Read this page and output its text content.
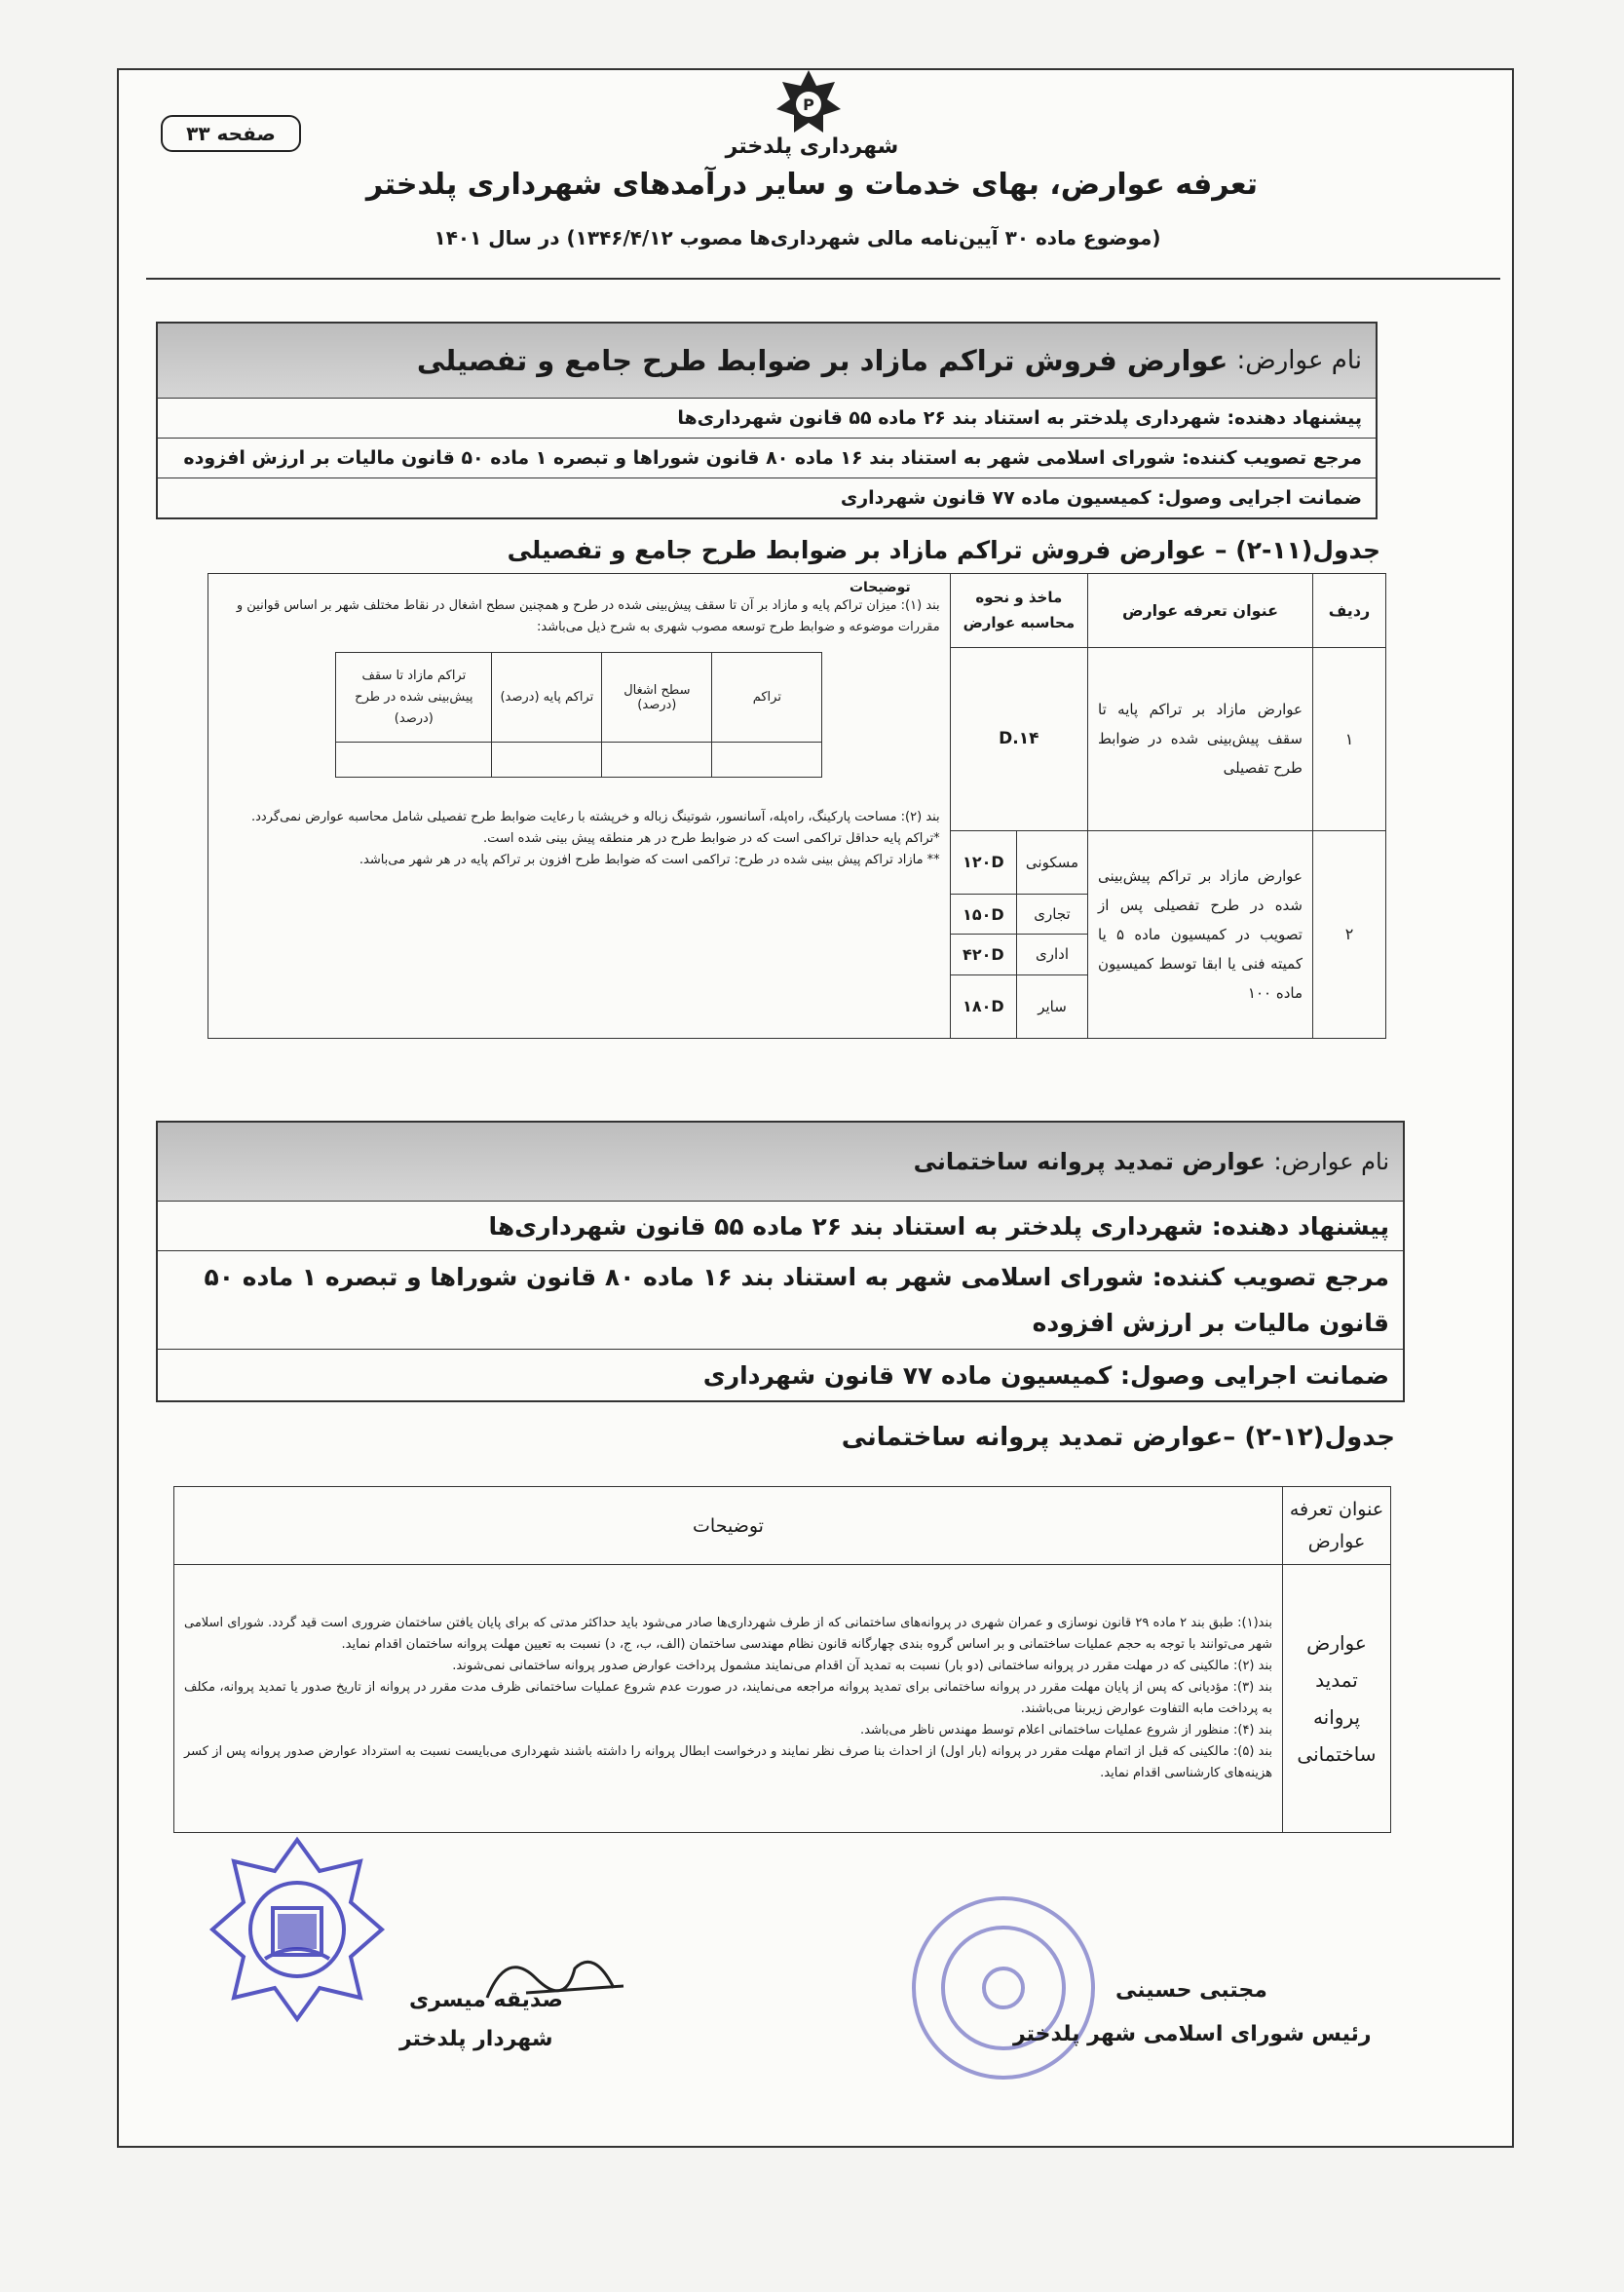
صفحه ۳۳
P
شهرداری پلدختر
تعرفه عوارض، بهای خدمات و سایر درآمدهای شهرداری پلدختر
(موضوع ماده ۳۰ آیین‌نامه مالی شهرداری‌ها مصوب ۱۳۴۶/۴/۱۲) در سال ۱۴۰۱
نام عوارض:

عوارض فروش تراکم مازاد بر ضوابط طرح جامع و تفصیلی
پیشنهاد دهنده: شهرداری پلدختر به استناد بند ۲۶ ماده ۵۵ قانون شهرداری‌ها
مرجع تصویب کننده: شورای اسلامی شهر به استناد بند ۱۶ ماده ۸۰ قانون شوراها و تبصره ۱ ماده ۵۰ قانون مالیات بر ارزش افزوده
ضمانت اجرایی وصول: کمیسیون ماده ۷۷ قانون شهرداری
جدول(۱۱-۲) – عوارض فروش تراکم مازاد بر ضوابط طرح جامع و تفصیلی
ردیف	عنوان تعرفه عوارض	ماخذ و نحوه محاسبه عوارض	
توضیحات
بند (۱): میزان تراکم پایه و مازاد بر آن تا سقف پیش‌بینی شده در طرح و همچنین سطح اشغال در نقاط مختلف شهر بر اساس قوانین و مقررات موضوعه و ضوابط طرح توسعه مصوب شهری به شرح ذیل می‌باشد:
تراکم	سطح اشغال (درصد)	تراکم پایه (درصد)	تراکم مازاد تا سقف پیش‌بینی شده در طرح (درصد)

بند (۲): مساحت پارکینگ، راه‌پله، آسانسور، شوتینگ زباله و خرپشته با رعایت ضوابط طرح تفصیلی شامل محاسبه عوارض نمی‌گردد.
*تراکم پایه حداقل تراکمی است که در ضوابط طرح در هر منطقه پیش بینی شده است.
** مازاد تراکم پیش بینی شده در طرح: تراکمی است که ضوابط طرح افزون بر تراکم پایه در هر شهر می‌باشد.

۱	عوارض مازاد بر تراکم پایه تا سقف پیش‌بینی شده در ضوابط طرح تفصیلی	۱۴.D
۲	عوارض مازاد بر تراکم پیش‌بینی شده در طرح تفصیلی پس از تصویب در کمیسیون ماده ۵ یا کمیته فنی یا ابقا توسط کمیسیون ماده ۱۰۰	مسکونی	۱۲۰D
تجاری	۱۵۰D
اداری	۴۲۰D
سایر	۱۸۰D
نام عوارض:

عوارض تمدید پروانه ساختمانی
پیشنهاد دهنده: شهرداری پلدختر به استناد بند ۲۶ ماده ۵۵ قانون شهرداری‌ها
مرجع تصویب کننده: شورای اسلامی شهر به استناد بند ۱۶ ماده ۸۰ قانون شوراها و تبصره ۱ ماده ۵۰ قانون مالیات بر ارزش افزوده
ضمانت اجرایی وصول: کمیسیون ماده ۷۷ قانون شهرداری
جدول(۱۲-۲) –عوارض تمدید پروانه ساختمانی
عنوان تعرفه عوارض	توضیحات
عوارض تمدید پروانه ساختمانی	بند(۱): طبق بند ۲ ماده ۲۹ قانون نوسازی و عمران شهری در پروانه‌های ساختمانی که از طرف شهرداری‌ها صادر می‌شود باید حداکثر مدتی که برای پایان یافتن ساختمان ضروری است قید گردد. شورای اسلامی شهر می‌توانند با توجه به حجم عملیات ساختمانی و بر اساس گروه بندی چهارگانه قانون نظام مهندسی ساختمان (الف، ب، ج، د) نسبت به تعیین مهلت پروانه ساختمان اقدام نماید.
بند (۲): مالکینی که در مهلت مقرر در پروانه ساختمانی (دو بار) نسبت به تمدید آن اقدام می‌نمایند مشمول پرداخت عوارض صدور پروانه ساختمانی نمی‌شوند.
بند (۳): مؤدیانی که پس از پایان مهلت مقرر در پروانه ساختمانی برای تمدید پروانه مراجعه می‌نمایند، در صورت عدم شروع عملیات ساختمانی ظرف مدت مقرر در پروانه از تاریخ صدور یا تمدید پروانه، مکلف به پرداخت مابه التفاوت عوارض زیربنا می‌باشند.
بند (۴): منظور از شروع عملیات ساختمانی اعلام توسط مهندس ناظر می‌باشد.
بند (۵): مالکینی که قبل از اتمام مهلت مقرر در پروانه (بار اول) از احداث بنا صرف نظر نمایند و درخواست ابطال پروانه را داشته باشند شهرداری می‌بایست نسبت به استرداد عوارض صدور پروانه پس از کسر هزینه‌های کارشناسی اقدام نماید.
صدیقه میسری
شهردار پلدختر
مجتبی حسینی
رئیس شورای اسلامی شهر پلدختر
